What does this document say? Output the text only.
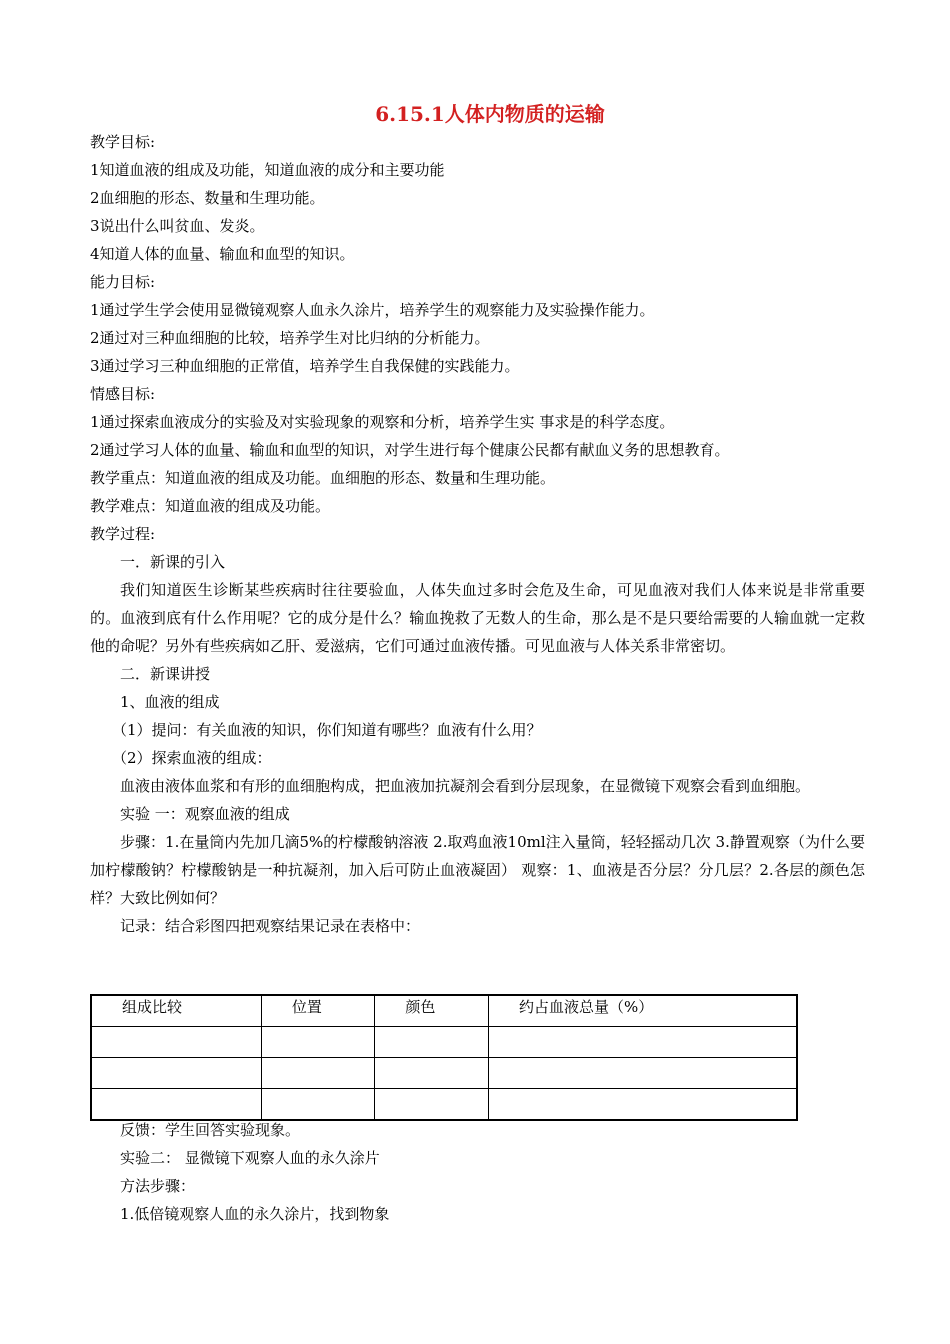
6.15.1人体内物质的运输
教学目标:
1知道血液的组成及功能，知道血液的成分和主要功能
2血细胞的形态、数量和生理功能。
3说出什么叫贫血、发炎。
4知道人体的血量、输血和血型的知识。
能力目标:
1通过学生学会使用显微镜观察人血永久涂片，培养学生的观察能力及实验操作能力。
2通过对三种血细胞的比较，培养学生对比归纳的分析能力。
3通过学习三种血细胞的正常值，培养学生自我保健的实践能力。
情感目标:
1通过探索血液成分的实验及对实验现象的观察和分析，培养学生实 事求是的科学态度。
2通过学习人体的血量、输血和血型的知识，对学生进行每个健康公民都有献血义务的思想教育。
教学重点：知道血液的组成及功能。血细胞的形态、数量和生理功能。
教学难点：知道血液的组成及功能。
教学过程:
一．新课的引入
我们知道医生诊断某些疾病时往往要验血，人体失血过多时会危及生命，可见血液对我们人体来说是非常重要的。血液到底有什么作用呢？它的成分是什么？输血挽救了无数人的生命，那么是不是只要给需要的人输血就一定救他的命呢？另外有些疾病如乙肝、爱滋病，它们可通过血液传播。可见血液与人体关系非常密切。
二．新课讲授
1、血液的组成
（1）提问：有关血液的知识，你们知道有哪些？血液有什么用？
（2）探索血液的组成：
血液由液体血浆和有形的血细胞构成，把血液加抗凝剂会看到分层现象，在显微镜下观察会看到血细胞。
实验 一：观察血液的组成
步骤：1.在量筒内先加几滴5%的柠檬酸钠溶液 2.取鸡血液10ml注入量筒，轻轻摇动几次 3.静置观察（为什么要加柠檬酸钠？柠檬酸钠是一种抗凝剂，加入后可防止血液凝固） 观察：1、血液是否分层？分几层？2.各层的颜色怎样？大致比例如何？
记录：结合彩图四把观察结果记录在表格中：
组成比较	位置	颜色	约占血液总量（%）

反馈：学生回答实验现象。
实验二： 显微镜下观察人血的永久涂片
方法步骤：
1.低倍镜观察人血的永久涂片，找到物象
